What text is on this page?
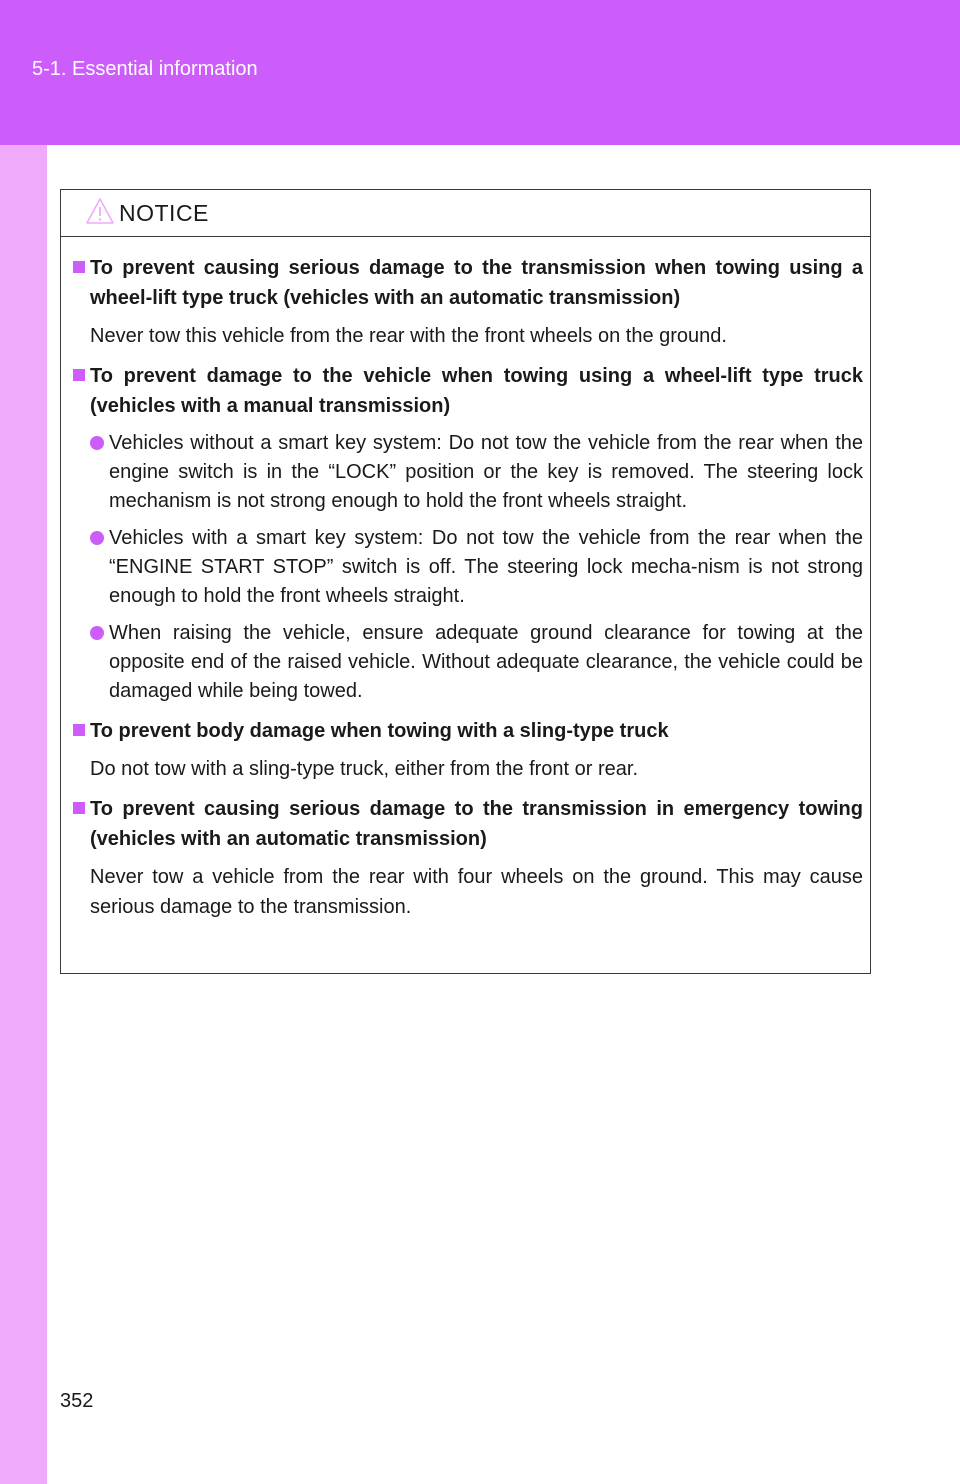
5-1. Essential information
NOTICE
To prevent causing serious damage to the transmission when towing using a wheel-lift type truck (vehicles with an automatic transmission)
Never tow this vehicle from the rear with the front wheels on the ground.
To prevent damage to the vehicle when towing using a wheel-lift type truck (vehicles with a manual transmission)
Vehicles without a smart key system: Do not tow the vehicle from the rear when the engine switch is in the “LOCK” position or the key is removed. The steering lock mechanism is not strong enough to hold the front wheels straight.
Vehicles with a smart key system: Do not tow the vehicle from the rear when the “ENGINE START STOP” switch is off. The steering lock mecha-nism is not strong enough to hold the front wheels straight.
When raising the vehicle, ensure adequate ground clearance for towing at the opposite end of the raised vehicle. Without adequate clearance, the vehicle could be damaged while being towed.
To prevent body damage when towing with a sling-type truck
Do not tow with a sling-type truck, either from the front or rear.
To prevent causing serious damage to the transmission in emergency towing (vehicles with an automatic transmission)
Never tow a vehicle from the rear with four wheels on the ground. This may cause serious damage to the transmission.
352
